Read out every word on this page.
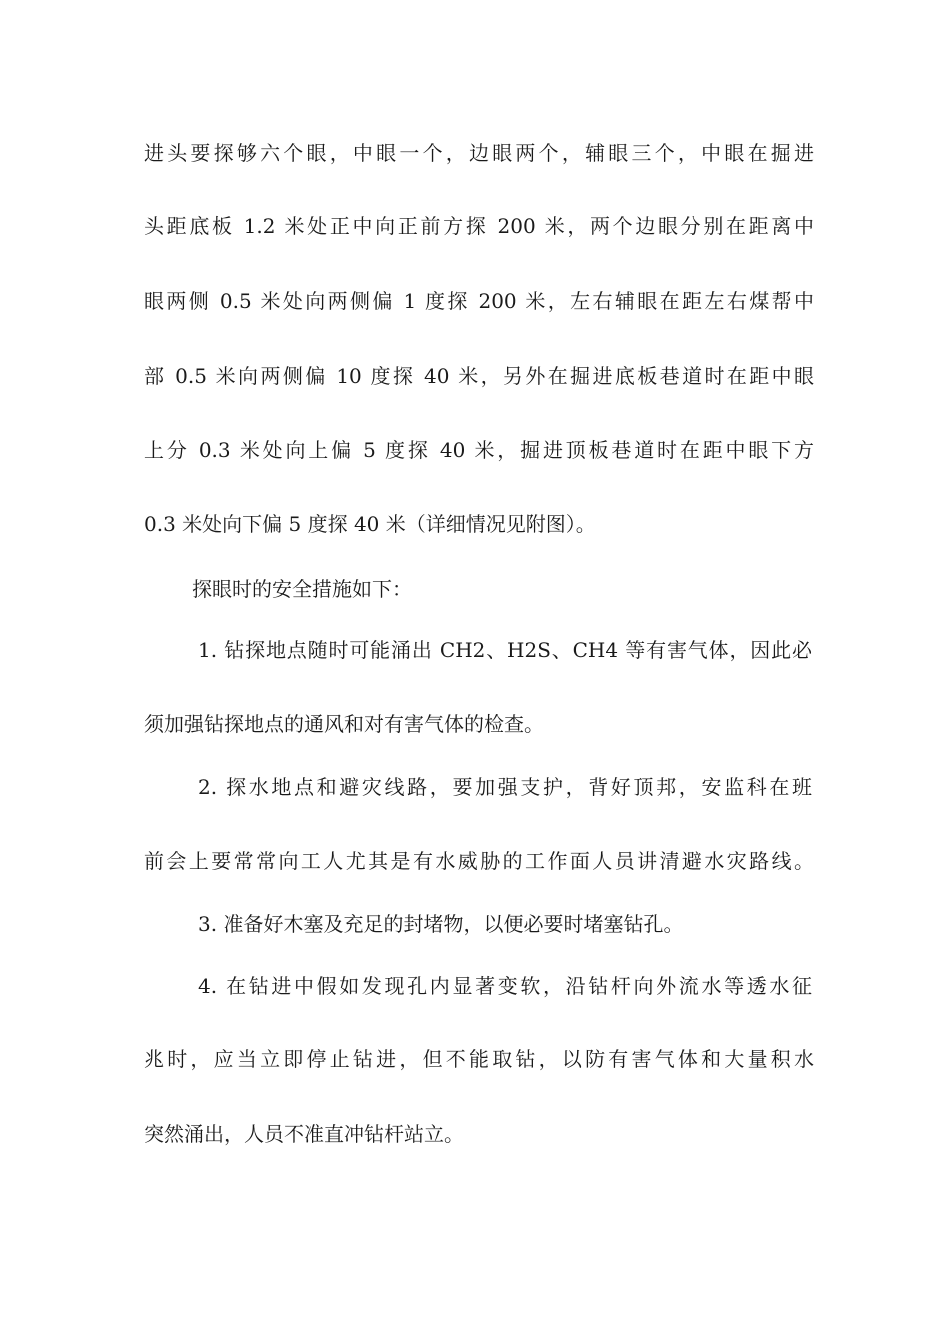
进头要探够六个眼，中眼一个，边眼两个，辅眼三个，中眼在掘进
头距底板 1.2 米处正中向正前方探 200 米，两个边眼分别在距离中
眼两侧 0.5 米处向两侧偏 1 度探 200 米，左右辅眼在距左右煤帮中
部 0.5 米向两侧偏 10 度探 40 米，另外在掘进底板巷道时在距中眼
上分 0.3 米处向上偏 5 度探 40 米，掘进顶板巷道时在距中眼下方
0.3 米处向下偏 5 度探 40 米（详细情况见附图）。
探眼时的安全措施如下：
1. 钻探地点随时可能涌出 CH2、H2S、CH4 等有害气体，因此必
须加强钻探地点的通风和对有害气体的检查。
2. 探水地点和避灾线路，要加强支护，背好顶邦，安监科在班
前会上要常常向工人尤其是有水威胁的工作面人员讲清避水灾路线。
3. 准备好木塞及充足的封堵物，以便必要时堵塞钻孔。
4. 在钻进中假如发现孔内显著变软，沿钻杆向外流水等透水征
兆时，应当立即停止钻进，但不能取钻，以防有害气体和大量积水
突然涌出，人员不准直冲钻杆站立。
